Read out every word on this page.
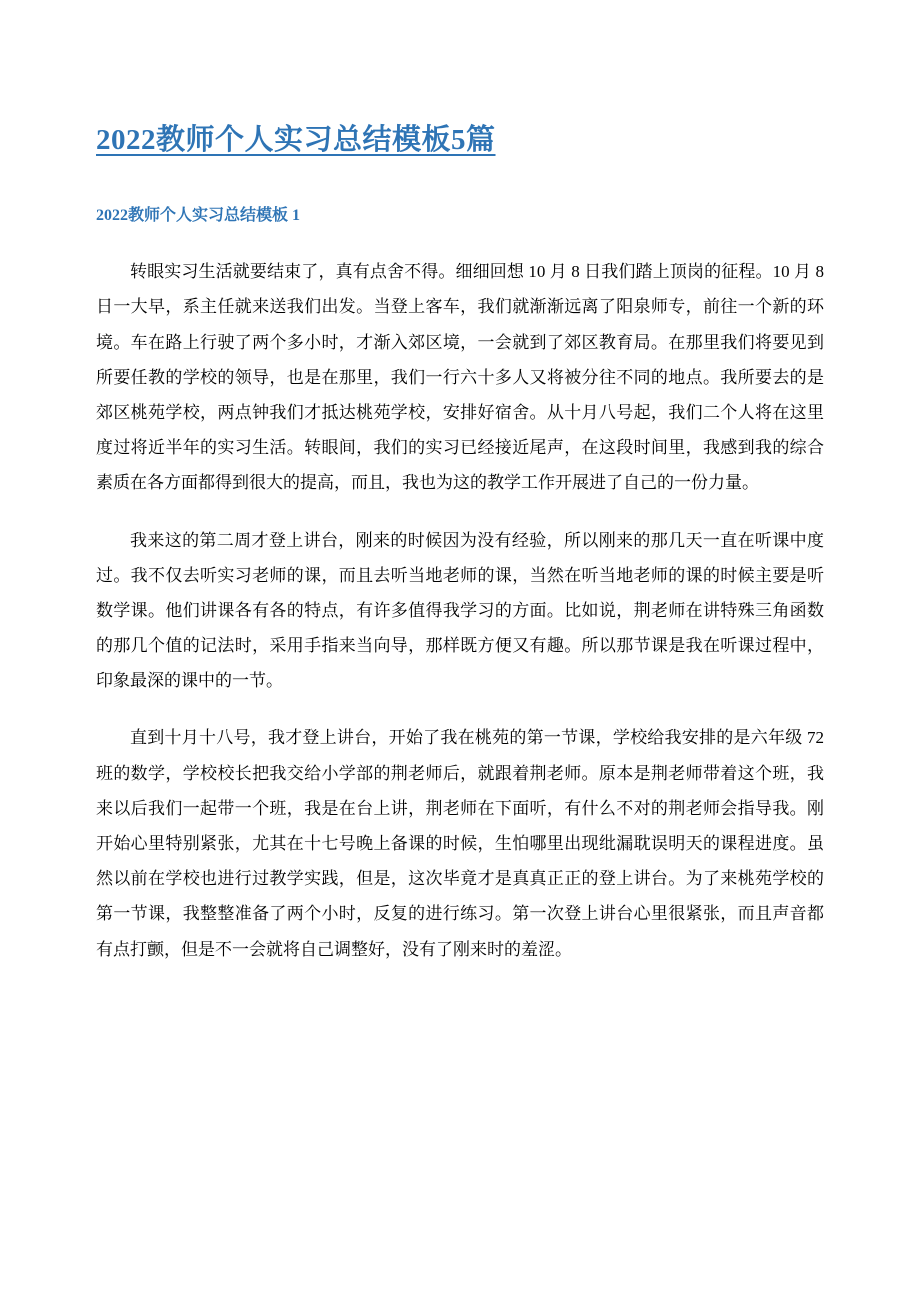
2022教师个人实习总结模板5篇
2022教师个人实习总结模板 1

转眼实习生活就要结束了，真有点舍不得。细细回想 10 月 8 日我们踏上顶岗的征程。10 月 8 日一大早，系主任就来送我们出发。当登上客车，我们就渐渐远离了阳泉师专，前往一个新的环境。车在路上行驶了两个多小时，才渐入郊区境，一会就到了郊区教育局。在那里我们将要见到所要任教的学校的领导，也是在那里，我们一行六十多人又将被分往不同的地点。我所要去的是郊区桃苑学校，两点钟我们才抵达桃苑学校，安排好宿舍。从十月八号起，我们二个人将在这里度过将近半年的实习生活。转眼间，我们的实习已经接近尾声，在这段时间里，我感到我的综合素质在各方面都得到很大的提高，而且，我也为这的教学工作开展进了自己的一份力量。

我来这的第二周才登上讲台，刚来的时候因为没有经验，所以刚来的那几天一直在听课中度过。我不仅去听实习老师的课，而且去听当地老师的课，当然在听当地老师的课的时候主要是听数学课。他们讲课各有各的特点，有许多值得我学习的方面。比如说，荆老师在讲特殊三角函数的那几个值的记法时，采用手指来当向导，那样既方便又有趣。所以那节课是我在听课过程中，印象最深的课中的一节。

直到十月十八号，我才登上讲台，开始了我在桃苑的第一节课，学校给我安排的是六年级 72 班的数学，学校校长把我交给小学部的荆老师后，就跟着荆老师。原本是荆老师带着这个班，我来以后我们一起带一个班，我是在台上讲，荆老师在下面听，有什么不对的荆老师会指导我。刚开始心里特别紧张，尤其在十七号晚上备课的时候，生怕哪里出现纰漏耽误明天的课程进度。虽然以前在学校也进行过教学实践，但是，这次毕竟才是真真正正的登上讲台。为了来桃苑学校的第一节课，我整整准备了两个小时，反复的进行练习。第一次登上讲台心里很紧张，而且声音都有点打颤，但是不一会就将自己调整好，没有了刚来时的羞涩。
